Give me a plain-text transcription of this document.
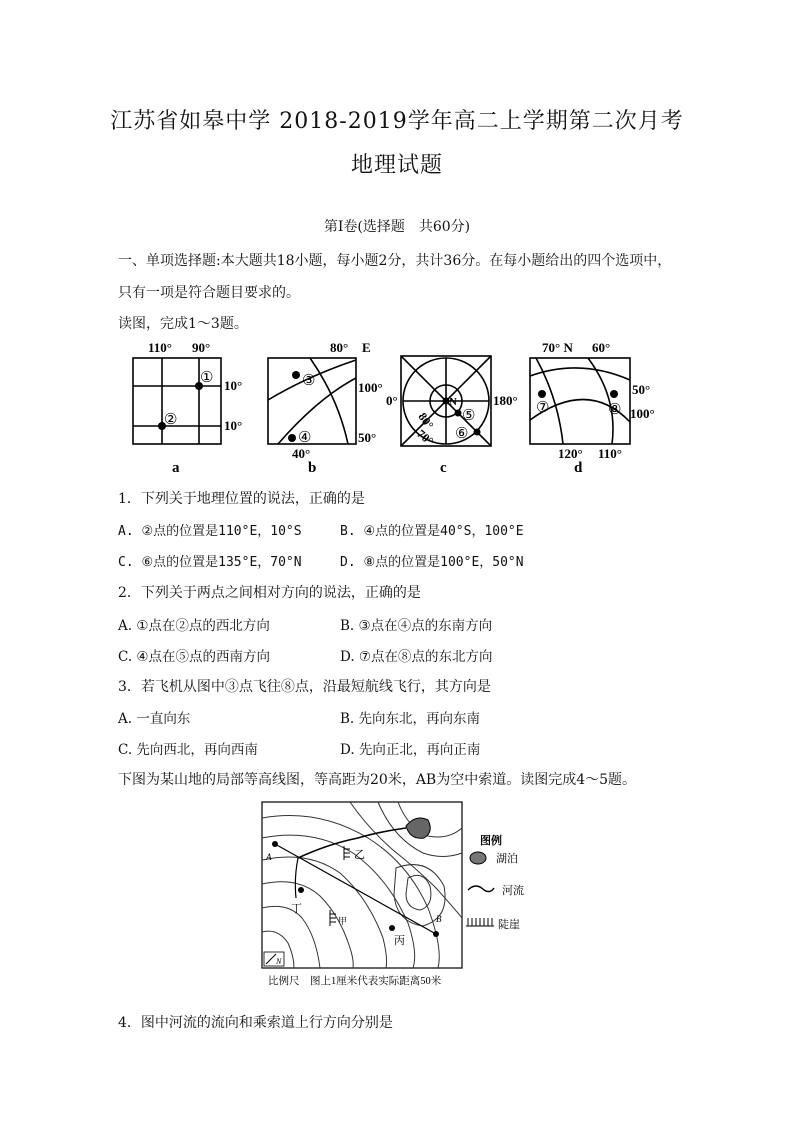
江苏省如皋中学 2018-2019学年高二上学期第二次月考
地理试题
第Ⅰ卷(选择题　共60分)
一、单项选择题:本大题共18小题，每小题2分，共计36分。在每小题给出的四个选项中，
只有一项是符合题目要求的。
读图，完成1～3题。
110° 90°
10°
10°
①
②
a
80° E
100°
50°
40°
③
④
b
0°	180°
80°
70°
N
⑤
⑥
c
70° N 60°
50°
100°
120° 110°
⑦	⑧
d
1．下列关于地理位置的说法，正确的是
A. ②点的位置是110°E，10°S	B. ④点的位置是40°S，100°E
C. ⑥点的位置是135°E，70°N	D. ⑧点的位置是100°E，50°N
2．下列关于两点之间相对方向的说法，正确的是
A. ①点在②点的西北方向	B. ③点在④点的东南方向
C. ④点在⑤点的西南方向	D. ⑦点在⑧点的东北方向
3．若飞机从图中③点飞往⑧点，沿最短航线飞行，其方向是
A. 一直向东	B. 先向东北，再向东南
C. 先向西北，再向西南	D. 先向正北，再向正南
下图为某山地的局部等高线图，等高距为20米，AB为空中索道。读图完成4～5题。
A
B
乙
甲
丙
丁
N
图例
湖泊
河流
陡崖
比例尺　图上1厘米代表实际距离50米
4．图中河流的流向和乘索道上行方向分别是
